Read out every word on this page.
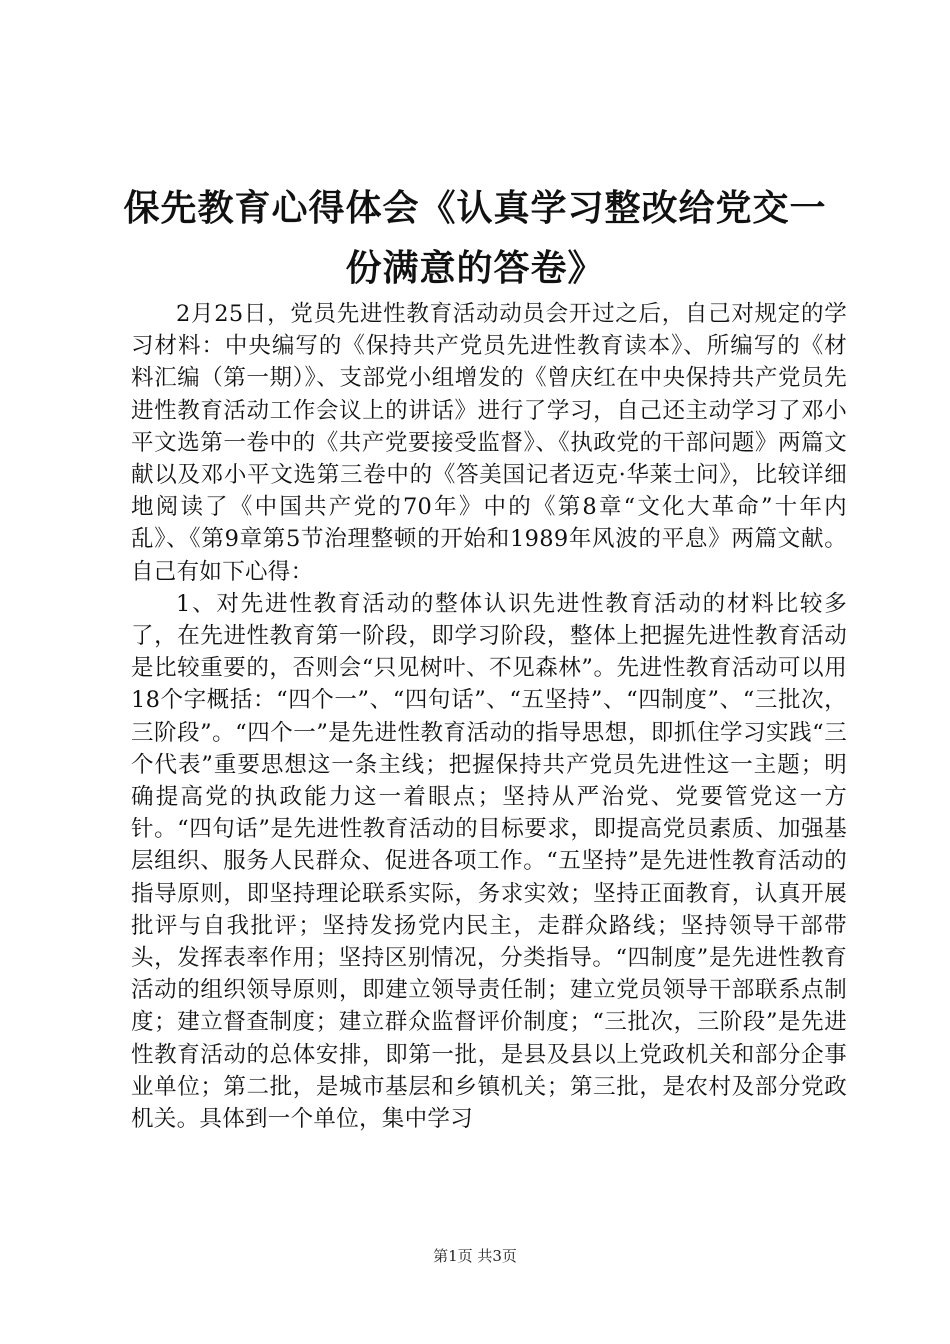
保先教育心得体会《认真学习整改给党交一份满意的答卷》

2月25日，党员先进性教育活动动员会开过之后，自己对规定的学习材料：中央编写的《保持共产党员先进性教育读本》、所编写的《材料汇编（第一期）》、支部党小组增发的《曾庆红在中央保持共产党员先进性教育活动工作会议上的讲话》进行了学习，自己还主动学习了邓小平文选第一卷中的《共产党要接受监督》、《执政党的干部问题》两篇文献以及邓小平文选第三卷中的《答美国记者迈克·华莱士问》，比较详细地阅读了《中国共产党的70年》中的《第8章“文化大革命”十年内乱》、《第9章第5节治理整顿的开始和1989年风波的平息》两篇文献。自己有如下心得：

1、对先进性教育活动的整体认识先进性教育活动的材料比较多了，在先进性教育第一阶段，即学习阶段，整体上把握先进性教育活动是比较重要的，否则会“只见树叶、不见森林”。先进性教育活动可以用18个字概括：“四个一”、“四句话”、“五坚持”、“四制度”、“三批次，三阶段”。“四个一”是先进性教育活动的指导思想，即抓住学习实践“三个代表”重要思想这一条主线；把握保持共产党员先进性这一主题；明确提高党的执政能力这一着眼点；坚持从严治党、党要管党这一方针。“四句话”是先进性教育活动的目标要求，即提高党员素质、加强基层组织、服务人民群众、促进各项工作。“五坚持”是先进性教育活动的指导原则，即坚持理论联系实际，务求实效；坚持正面教育，认真开展批评与自我批评；坚持发扬党内民主，走群众路线；坚持领导干部带头，发挥表率作用；坚持区别情况，分类指导。“四制度”是先进性教育活动的组织领导原则，即建立领导责任制；建立党员领导干部联系点制度；建立督查制度；建立群众监督评价制度；“三批次，三阶段”是先进性教育活动的总体安排，即第一批，是县及县以上党政机关和部分企事业单位；第二批，是城市基层和乡镇机关；第三批，是农村及部分党政机关。具体到一个单位，集中学习

第1页 共3页
